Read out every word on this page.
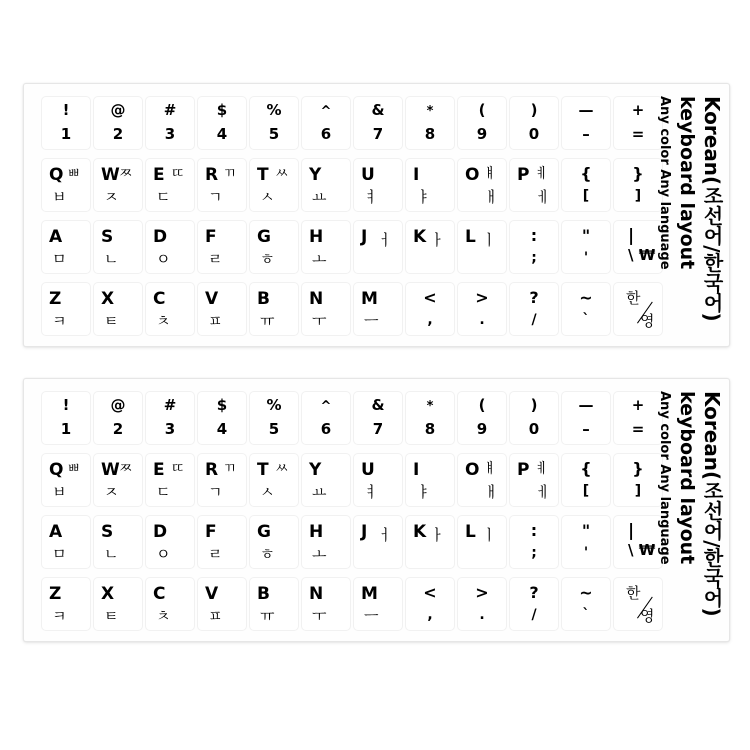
!
1
@
2
#
3
$
4
%
5
^
6
&
7
*
8
(
9
)
0
—
–
+
=
Q ㅃ
ㅂ
W ㅉ
ㅈ
E ㄸ
ㄷ
R ㄲ
ㄱ
T ㅆ
ㅅ
Y
ㅛ
U
ㅕ
I
ㅑ
O ㅒ
ㅐ
P ㅖ
ㅔ
{
[
}
]
A
ㅁ
S
ㄴ
D
ㅇ
F
ㄹ
G
ㅎ
H
ㅗ
J ㅓ K ㅏ L ㅣ	:
;
"
'
|
\ ₩
Z
ㅋ
X
ㅌ
C
ㅊ
V
ㅍ
B
ㅠ
N
ㅜ
M
ㅡ
<
,
>
.
?
/
~
`
한
영 Korean(조선어/한국어)
keyboard layout
Any color Any language
!
1
@
2
#
3
$
4
%
5
^
6
&
7
*
8
(
9
)
0
—
–
+
=
Q ㅃ
ㅂ
W ㅉ
ㅈ
E ㄸ
ㄷ
R ㄲ
ㄱ
T ㅆ
ㅅ
Y
ㅛ
U
ㅕ
I
ㅑ
O ㅒ
ㅐ
P ㅖ
ㅔ
{
[
}
]
A
ㅁ
S
ㄴ
D
ㅇ
F
ㄹ
G
ㅎ
H
ㅗ
J ㅓ K ㅏ L ㅣ	:
;
"
'
|
\ ₩
Z
ㅋ
X
ㅌ
C
ㅊ
V
ㅍ
B
ㅠ
N
ㅜ
M
ㅡ
<
,
>
.
?
/
~
`
한
영 Korean(조선어/한국어)
keyboard layout
Any color Any language
